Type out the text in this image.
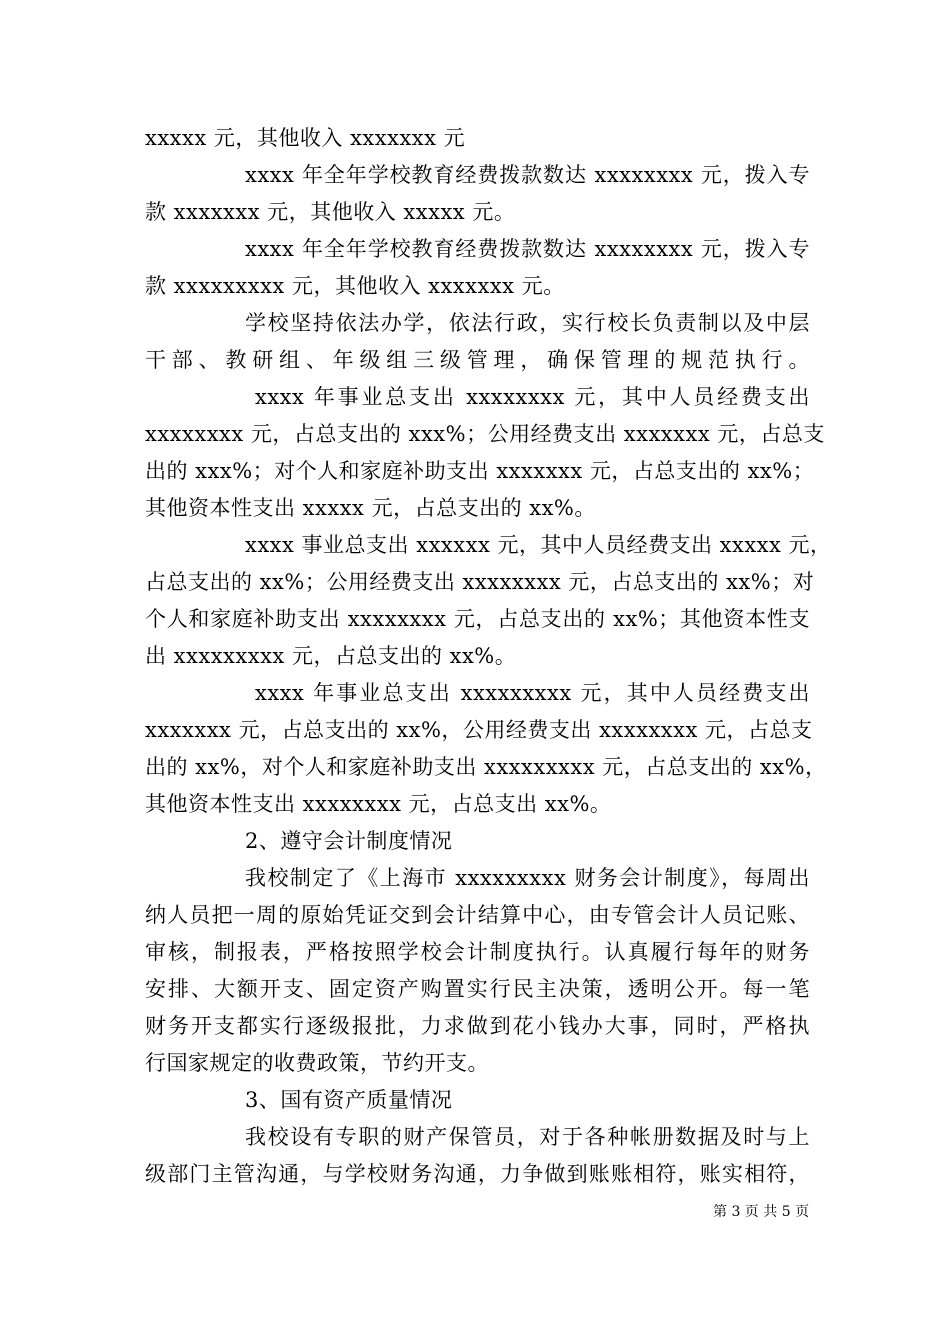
xxxxx 元，其他收入 xxxxxxx 元
xxxx 年全年学校教育经费拨款数达 xxxxxxxx 元，拨入专
款 xxxxxxx 元，其他收入 xxxxx 元。
xxxx 年全年学校教育经费拨款数达 xxxxxxxx 元，拨入专
款 xxxxxxxxx 元，其他收入 xxxxxxx 元。
学校坚持依法办学，依法行政，实行校长负责制以及中层
干部、教研组、年级组三级管理，确保管理的规范执行。
xxxx 年事业总支出 xxxxxxxx 元，其中人员经费支出
xxxxxxxx 元，占总支出的 xxx%；公用经费支出 xxxxxxx 元，占总支
出的 xxx%；对个人和家庭补助支出 xxxxxxx 元，占总支出的 xx%；
其他资本性支出 xxxxx 元，占总支出的 xx%。
xxxx 事业总支出 xxxxxx 元，其中人员经费支出 xxxxx 元，
占总支出的 xx%；公用经费支出 xxxxxxxx 元，占总支出的 xx%；对
个人和家庭补助支出 xxxxxxxx 元，占总支出的 xx%；其他资本性支
出 xxxxxxxxx 元，占总支出的 xx%。
xxxx 年事业总支出 xxxxxxxxx 元，其中人员经费支出
xxxxxxx 元，占总支出的 xx%，公用经费支出 xxxxxxxx 元，占总支
出的 xx%，对个人和家庭补助支出 xxxxxxxxx 元，占总支出的 xx%，
其他资本性支出 xxxxxxxx 元，占总支出 xx%。
2、遵守会计制度情况
我校制定了《上海市 xxxxxxxxx 财务会计制度》，每周出
纳人员把一周的原始凭证交到会计结算中心，由专管会计人员记账、
审核，制报表，严格按照学校会计制度执行。认真履行每年的财务
安排、大额开支、固定资产购置实行民主决策，透明公开。每一笔
财务开支都实行逐级报批，力求做到花小钱办大事，同时，严格执
行国家规定的收费政策，节约开支。
3、国有资产质量情况
我校设有专职的财产保管员，对于各种帐册数据及时与上
级部门主管沟通，与学校财务沟通，力争做到账账相符，账实相符，
第 3 页 共 5 页
